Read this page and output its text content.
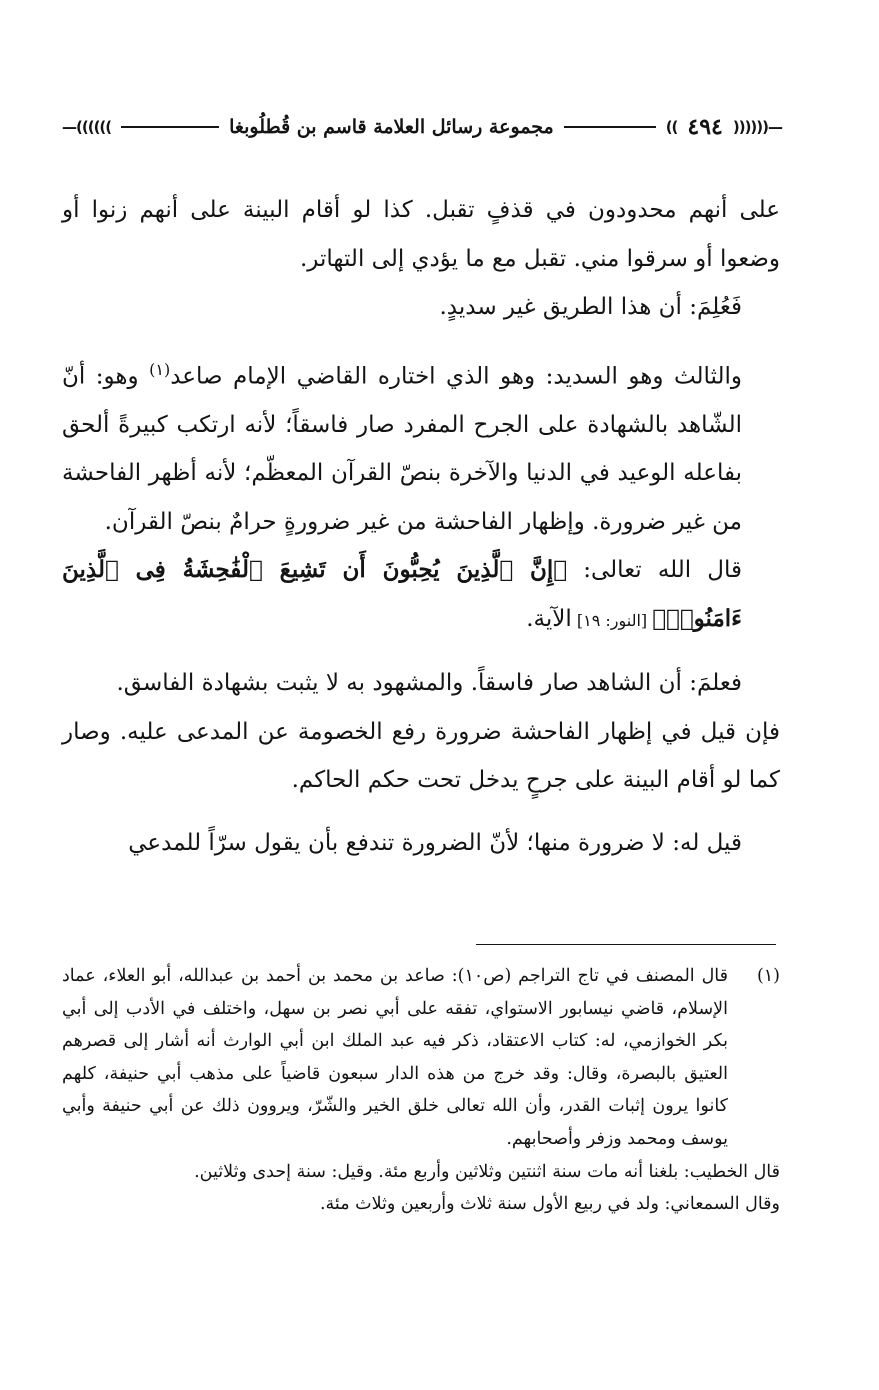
—((((((
٤٩٤
))
مجموعة رسائل العلامة قاسم بن قُطلُوبغا
))))))—

على أنهم محدودون في قذفٍ تقبل. كذا لو أقام البينة على أنهم زنوا أو وضعوا أو سرقوا مني. تقبل مع ما يؤدي إلى التهاتر.

فَعُلِمَ: أن هذا الطريق غير سديدٍ.

والثالث وهو السديد: وهو الذي اختاره القاضي الإمام صاعد$^{(١)}$ وهو: أنّ الشّاهد بالشهادة على الجرح المفرد صار فاسقاً؛ لأنه ارتكب كبيرةً ألحق بفاعله الوعيد في الدنيا والآخرة بنصّ القرآن المعظّم؛ لأنه أظهر الفاحشة من غير ضرورة. وإظهار الفاحشة من غير ضرورةٍ حرامٌ بنصّ القرآن.

قال الله تعالى: ﴿إِنَّ ٱلَّذِينَ يُحِبُّونَ أَن تَشِيعَ ٱلْفَٰحِشَةُ فِى ٱلَّذِينَ ءَامَنُوا۟﴾ [النور: ١٩] الآية.

فعلمَ: أن الشاهد صار فاسقاً. والمشهود به لا يثبت بشهادة الفاسق.

فإن قيل في إظهار الفاحشة ضرورة رفع الخصومة عن المدعى عليه. وصار كما لو أقام البينة على جرحٍ يدخل تحت حكم الحاكم.

قيل له: لا ضرورة منها؛ لأنّ الضرورة تندفع بأن يقول سرّاً للمدعي

(١)
قال المصنف في تاج التراجم (ص١٠): صاعد بن محمد بن أحمد بن عبدالله، أبو العلاء، عماد الإسلام، قاضي نيسابور الاستواي، تفقه على أبي نصر بن سهل، واختلف في الأدب إلى أبي بكر الخوازمي، له: كتاب الاعتقاد، ذكر فيه عبد الملك ابن أبي الوارث أنه أشار إلى قصرهم العتيق بالبصرة، وقال: وقد خرج من هذه الدار سبعون قاضياً على مذهب أبي حنيفة، كلهم كانوا يرون إثبات القدر، وأن الله تعالى خلق الخير والشّرّ، ويروون ذلك عن أبي حنيفة وأبي يوسف ومحمد وزفر وأصحابهم.

قال الخطيب: بلغنا أنه مات سنة اثنتين وثلاثين وأربع مئة. وقيل: سنة إحدى وثلاثين.

وقال السمعاني: ولد في ربيع الأول سنة ثلاث وأربعين وثلاث مئة.
